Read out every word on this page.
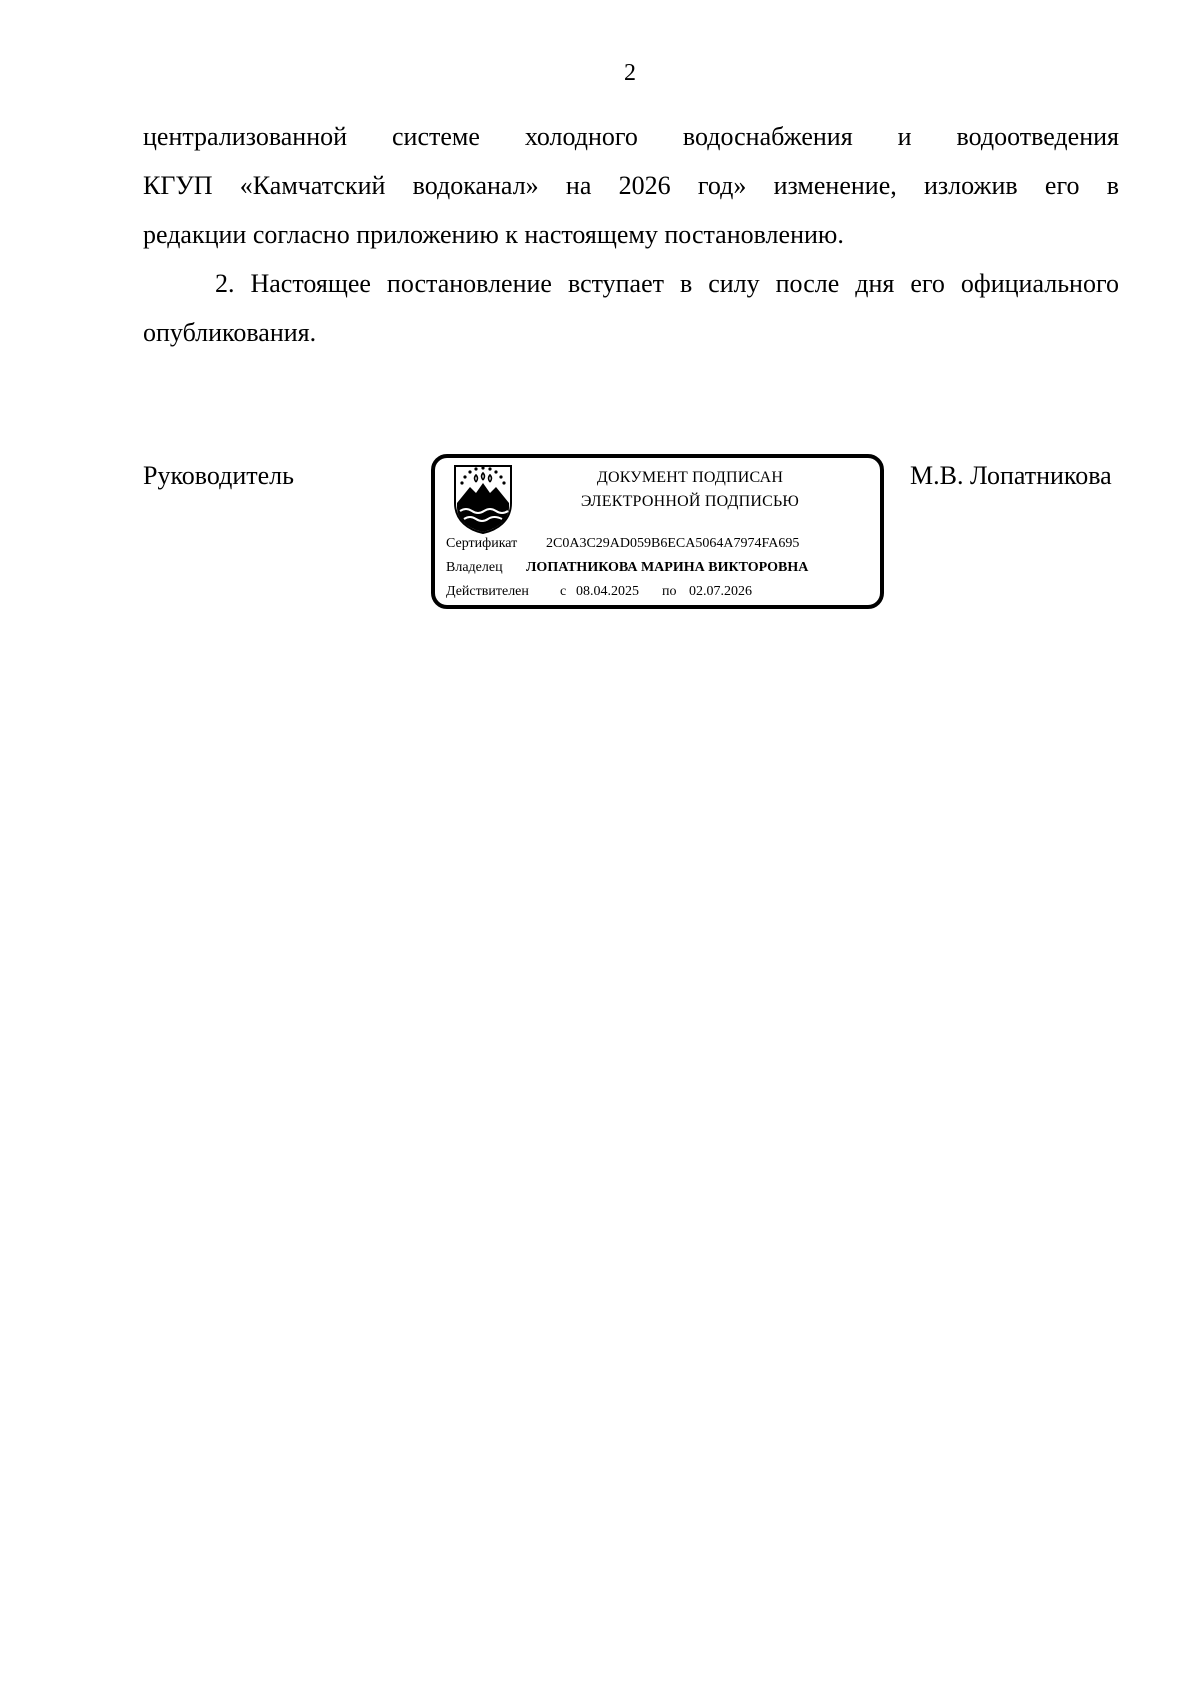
2

централизованной системе холодного водоснабжения и водоотведения
КГУП «Камчатский водоканал» на 2026 год» изменение, изложив его в
редакции согласно приложению к настоящему постановлению.

2. Настоящее постановление вступает в силу после дня его официального
опубликования.

Руководитель	ДОКУМЕНТ ПОДПИСАН
ЭЛЕКТРОННОЙ ПОДПИСЬЮ
Сертификат 2C0A3C29AD059B6ECA5064A7974FA695
Владелец ЛОПАТНИКОВА МАРИНА ВИКТОРОВНА
Действителен с 08.04.2025 по 02.07.2026
М.В. Лопатникова
